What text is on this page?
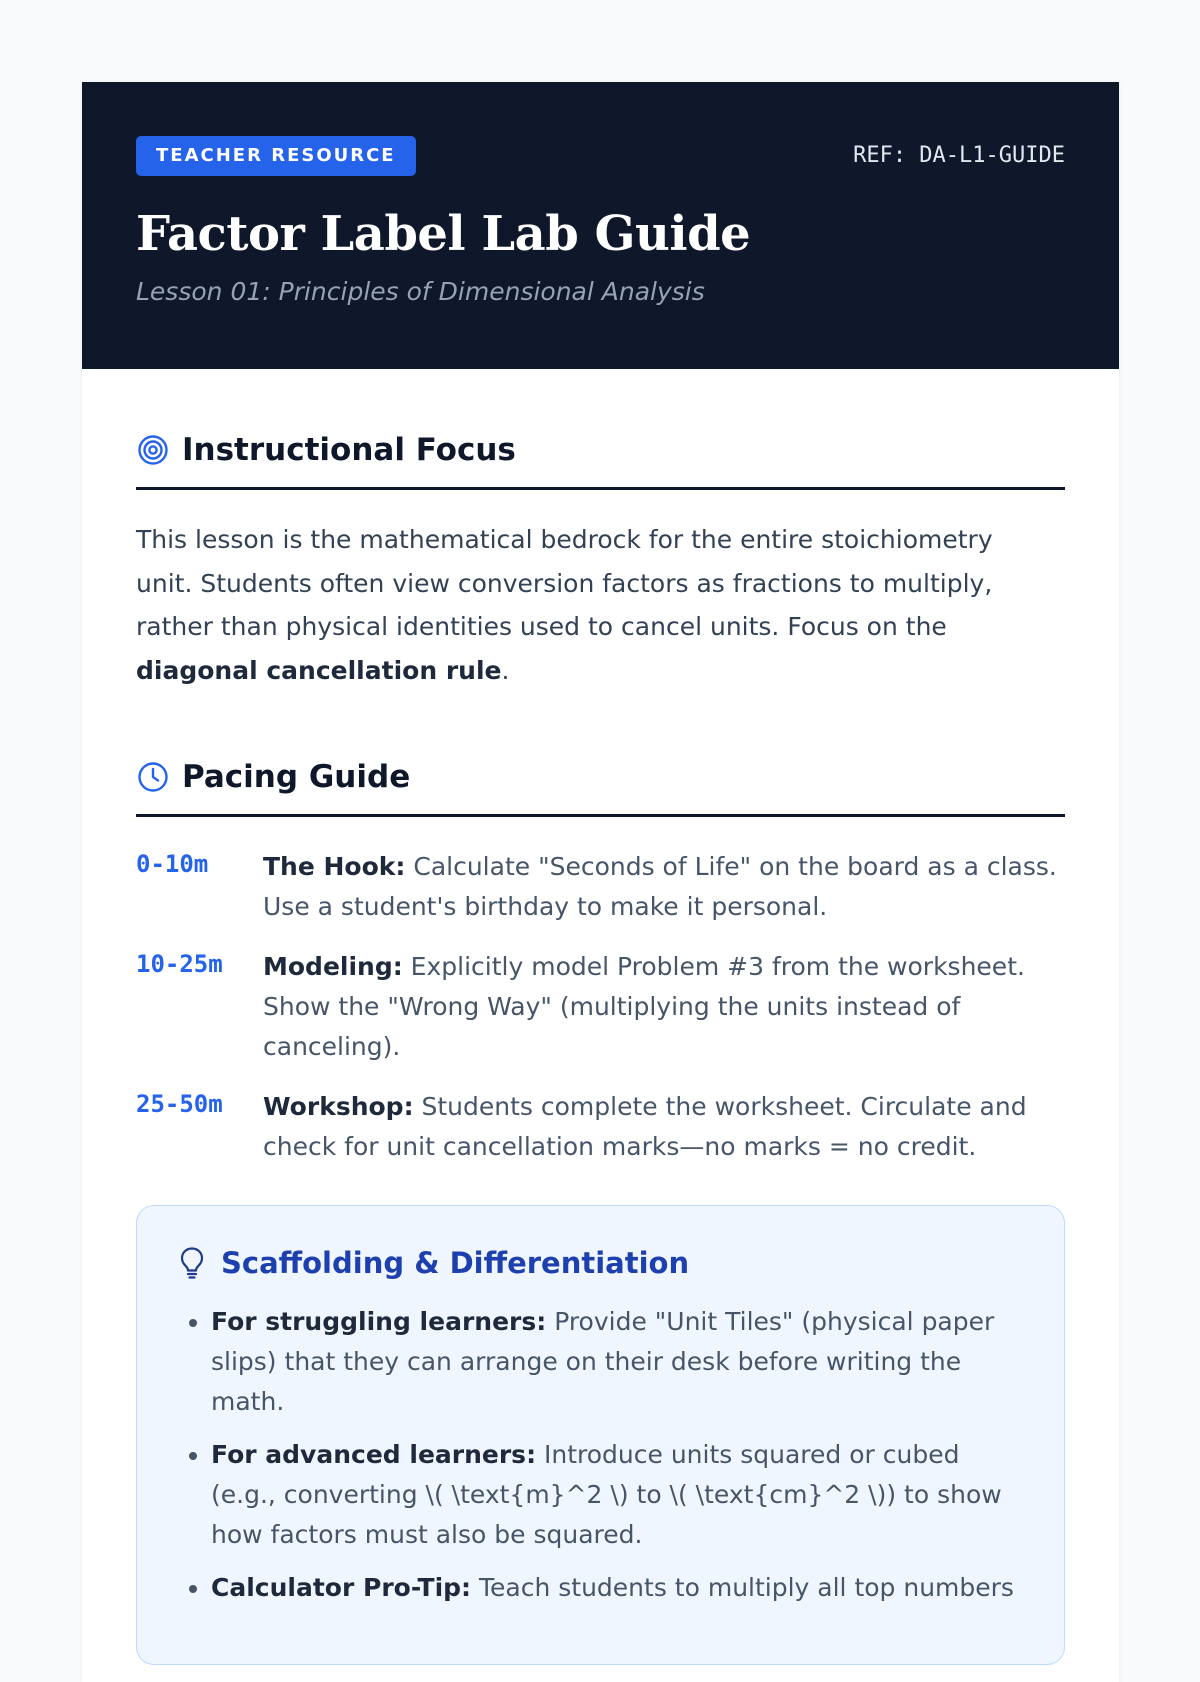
TEACHER RESOURCE	REF: DA-L1-GUIDE
Factor Label Lab Guide
Lesson 01: Principles of Dimensional Analysis
Instructional Focus
This lesson is the mathematical bedrock for the entire stoichiometry unit. Students often view conversion factors as fractions to multiply, rather than physical identities used to cancel units. Focus on the diagonal cancellation rule.
Pacing Guide
0-10m	The Hook: Calculate "Seconds of Life" on the board as a class. Use a student's birthday to make it personal.
10-25m	Modeling: Explicitly model Problem #3 from the worksheet. Show the "Wrong Way" (multiplying the units instead of canceling).
25-50m	Workshop: Students complete the worksheet. Circulate and check for unit cancellation marks—no marks = no credit.
Scaffolding & Differentiation
• For struggling learners: Provide "Unit Tiles" (physical paper slips) that they can arrange on their desk before writing the math.
• For advanced learners: Introduce units squared or cubed (e.g., converting \( \text{m}^2 \) to \( \text{cm}^2 \)) to show how factors must also be squared.
• Calculator Pro-Tip: Teach students to multiply all top numbers
